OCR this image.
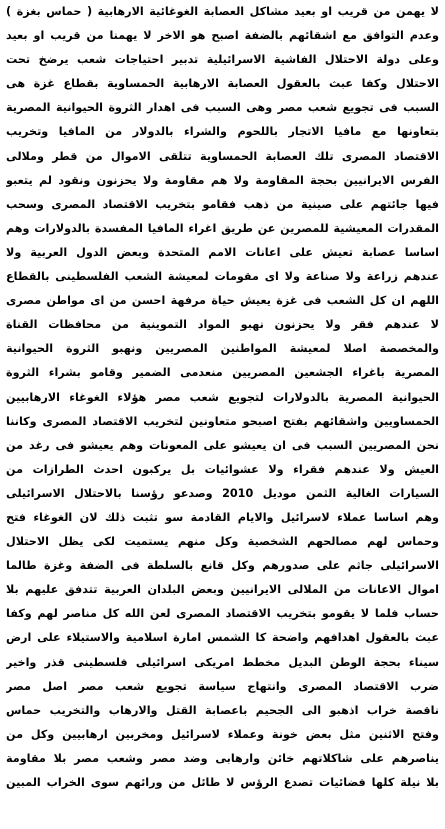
لا يهمن من قريب او بعيد مشاكل العصابة الغوغائية الارهابية ( حماس بغزة )
وعدم التوافق مع اشقائهم بالضفة اصبح هو الاخر لا يهمنا من قريب او بعيد
وعلى دولة الاحتلال الفاشية الاسرائيلية تدبير احتياجات شعب يرضخ تحت
الاحتلال وكفا عبث بالعقول العصابة الارهابية الحمساوية بقطاع غزة هى
السبب فى تجويع شعب مصر وهى السبب فى اهدار الثروة الحيوانية المصرية
بتعاونها مع مافيا الاتجار باللحوم والشراء بالدولار من المافيا وتخريب
الاقتصاد المصرى تلك العصابة الحمساوية تتلقى الاموال من قطر وملالى
الفرس الايرانيين بحجة المقاومة ولا هم مقاومة ولا يحزنون ونقود لم يتعبو
فيها جائتهم على صينية من ذهب فقامو بتخريب الاقتصاد المصرى وسحب
المقدرات المعيشية للمصرين عن طريق اغراء المافيا المفسدة بالدولارات وهم
اساسا عصابة تعيش على اعانات الامم المتحدة وبعض الدول العربية ولا
عندهم زراعة ولا صناعة ولا اى مقومات لمعيشة الشعب الفلسطينى بالقطاع
اللهم ان كل الشعب فى غزة يعيش حياة مرفهة احسن من اى مواطن مصرى
لا عندهم فقر ولا يحزنون نهبو المواد التموينية من محافظات القناة
والمخصصة اصلا لمعيشة المواطنين المصريين ونهبو الثروة الحيوانية
المصرية باغراء الجشعين المصريين منعدمى الضمير وقامو بشراء الثروة
الحيوانية المصرية بالدولارات لتجويع شعب مصر هؤلاء الغوغاء الارهابيين
الحمساويين واشقائهم بفتح اصبحو متعاونين لتخريب الاقتصاد المصرى وكاننا
نحن المصريين السبب فى ان يعيشو على المعونات وهم يعيشو فى رغد من
العيش ولا عندهم فقراء ولا عشوائيات بل يركبون احدث الطرازات من
السيارات الغالية الثمن موديل 2010 وصدعو رؤسنا بالاحتلال الاسرائيلى
وهم اساسا عملاء لاسرائيل والايام القادمة سو تثبت ذلك لان الغوغاء فتح
وحماس لهم مصالحهم الشخصية وكل منهم يستميت لكى يظل الاحتلال
الاسرائيلى جاثم على صدورهم وكل قانع بالسلطة فى الضفة وغزة طالما
اموال الاعانات من الملالى الايرانيين وبعض البلدان العربية تتدفق عليهم بلا
حساب فلما لا يقومو بتخريب الاقتصاد المصرى لعن الله كل مناصر لهم وكفا
عبث بالعقول اهدافهم واضحة كا الشمس امارة اسلامية والاستيلاء على ارض
سيناء بحجة الوطن البديل مخطط امريكى اسرائيلى فلسطينى قذر واخير
ضرب الاقتصاد المصرى وانتهاج سياسة تجويع شعب مصر اصل مصر
ناقصة خراب اذهبو الى الجحيم باعصابة القتل والارهاب والتخريب حماس
وفتح الاثنين مثل بعض خونة وعملاء لاسرائيل ومخربين ارهابيين وكل من
يناصرهم على شاكلاتهم خائن وارهابى وضد مصر وشعب مصر بلا مقاومة
بلا نيلة كلها فضائيات تصدع الرؤس لا طائل من ورائهم سوى الخراب المبين
